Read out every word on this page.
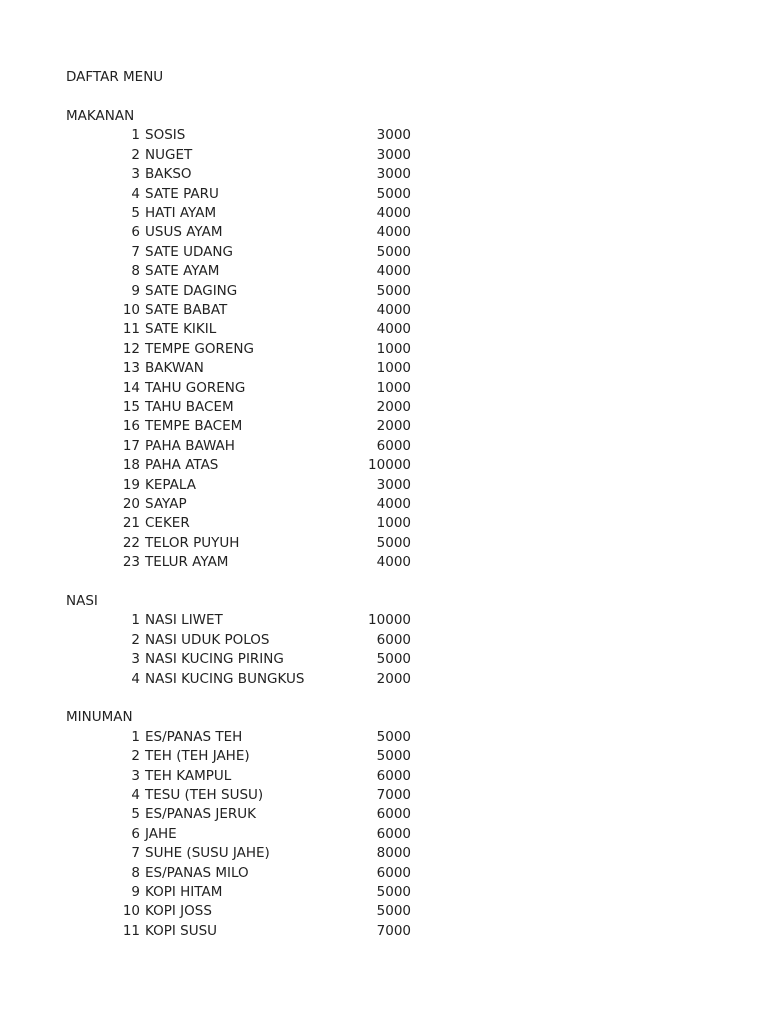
DAFTAR MENU
MAKANAN
1 SOSIS	3000
2 NUGET	3000
3 BAKSO	3000
4 SATE PARU	5000
5 HATI AYAM	4000
6 USUS AYAM	4000
7 SATE UDANG	5000
8 SATE AYAM	4000
9 SATE DAGING	5000
10 SATE BABAT	4000
11 SATE KIKIL	4000
12 TEMPE GORENG	1000
13 BAKWAN	1000
14 TAHU GORENG	1000
15 TAHU BACEM	2000
16 TEMPE BACEM	2000
17 PAHA BAWAH	6000
18 PAHA ATAS	10000
19 KEPALA	3000
20 SAYAP	4000
21 CEKER	1000
22 TELOR PUYUH	5000
23 TELUR AYAM	4000
NASI
1 NASI LIWET	10000
2 NASI UDUK POLOS	6000
3 NASI KUCING PIRING	5000
4 NASI KUCING BUNGKUS	2000
MINUMAN
1 ES/PANAS TEH	5000
2 TEH (TEH JAHE)	5000
3 TEH KAMPUL	6000
4 TESU (TEH SUSU)	7000
5 ES/PANAS JERUK	6000
6 JAHE	6000
7 SUHE (SUSU JAHE)	8000
8 ES/PANAS MILO	6000
9 KOPI HITAM	5000
10 KOPI JOSS	5000
11 KOPI SUSU	7000
